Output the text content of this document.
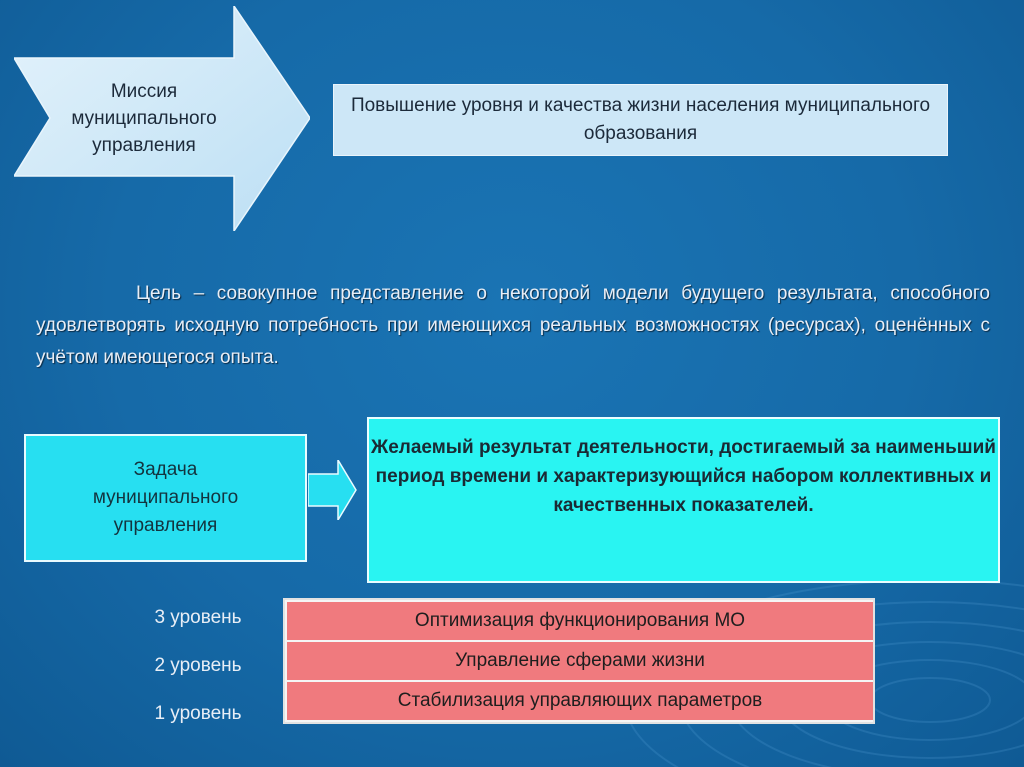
Миссия
муниципального
управления
Повышение уровня и качества жизни населения муниципального образования
Цель – совокупное представление о некоторой модели будущего результата, способного удовлетворять исходную потребность при имеющихся реальных возможностях (ресурсах), оценённых с учётом имеющегося опыта.
Задача
муниципального
управления
Желаемый результат деятельности, достигаемый за наименьший период времени и характеризующийся набором коллективных и качественных показателей.
3 уровень
2 уровень
1 уровень
Оптимизация функционирования МО
Управление сферами жизни
Стабилизация управляющих параметров
